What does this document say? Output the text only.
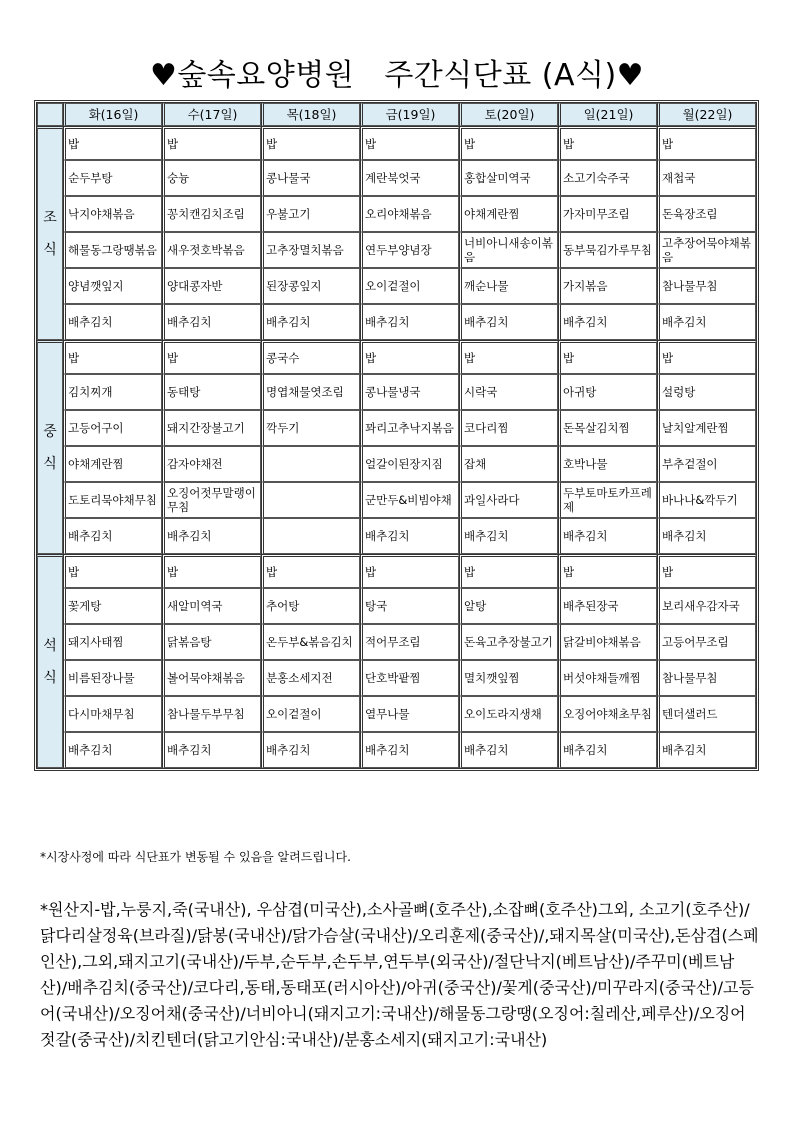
♥숲속요양병원   주간식단표 (A식)♥
	화(16일)	수(17일)	목(18일)	금(19일)	토(20일)	일(21일)	월(22일)
조
식	밥	밥	밥	밥	밥	밥	밥
	순두부탕	숭늉	콩나물국	계란북엇국	홍합살미역국	소고기숙주국	재첩국
	낙지야채볶음	꽁치캔김치조림	우불고기	오리야채볶음	야채계란찜	가자미무조림	돈육장조림
	해물동그랑땡볶음	새우젓호박볶음	고추장멸치볶음	연두부양념장	너비아니새송이볶음	동부묵김가루무침	고추장어묵야채볶음
	양념깻잎지	양대콩자반	된장콩잎지	오이겉절이	깨순나물	가지볶음	참나물무침
	배추김치	배추김치	배추김치	배추김치	배추김치	배추김치	배추김치
중
식	밥	밥	콩국수	밥	밥	밥	밥
	김치찌개	동태탕	명엽채물엿조림	콩나물냉국	시락국	아귀탕	설렁탕
	고등어구이	돼지간장불고기	깍두기	꽈리고추낙지볶음	코다리찜	돈목살김치찜	날치알계란찜
	야채계란찜	감자야채전		얼갈이된장지짐	잡채	호박나물	부추겉절이
	도토리묵야채무침	오징어젓무말랭이무침		군만두&비빔야채	과일사라다	두부토마토카프레제	바나나&깍두기
	배추김치	배추김치		배추김치	배추김치	배추김치	배추김치
석
식	밥	밥	밥	밥	밥	밥	밥
	꽃게탕	새알미역국	추어탕	탕국	알탕	배추된장국	보리새우감자국
	돼지사태찜	닭볶음탕	온두부&볶음김치	적어무조림	돈육고추장불고기	닭갈비야채볶음	고등어무조림
	비름된장나물	볼어묵야채볶음	분홍소세지전	단호박팥찜	멸치깻잎찜	버섯야채들깨찜	참나물무침
	다시마채무침	참나물두부무침	오이겉절이	열무나물	오이도라지생채	오징어야채초무침	텐더샐러드
	배추김치	배추김치	배추김치	배추김치	배추김치	배추김치	배추김치
*시장사정에 따라 식단표가 변동될 수 있음을 알려드립니다.
*원산지-밥,누룽지,죽(국내산), 우삼겹(미국산),소사골뼈(호주산),소잡뼈(호주산)그외, 소고기(호주산)/닭다리살정육(브라질)/닭봉(국내산)/닭가슴살(국내산)/오리훈제(중국산)/,돼지목살(미국산),돈삼겹(스페인산),그외,돼지고기(국내산)/두부,순두부,손두부,연두부(외국산)/절단낙지(베트남산)/주꾸미(베트남산)/배추김치(중국산)/코다리,동태,동태포(러시아산)/아귀(중국산)/꽃게(중국산)/미꾸라지(중국산)/고등어(국내산)/오징어채(중국산)/너비아니(돼지고기:국내산)/해물동그랑땡(오징어:칠레산,페루산)/오징어젓갈(중국산)/치킨텐더(닭고기안심:국내산)/분홍소세지(돼지고기:국내산)
